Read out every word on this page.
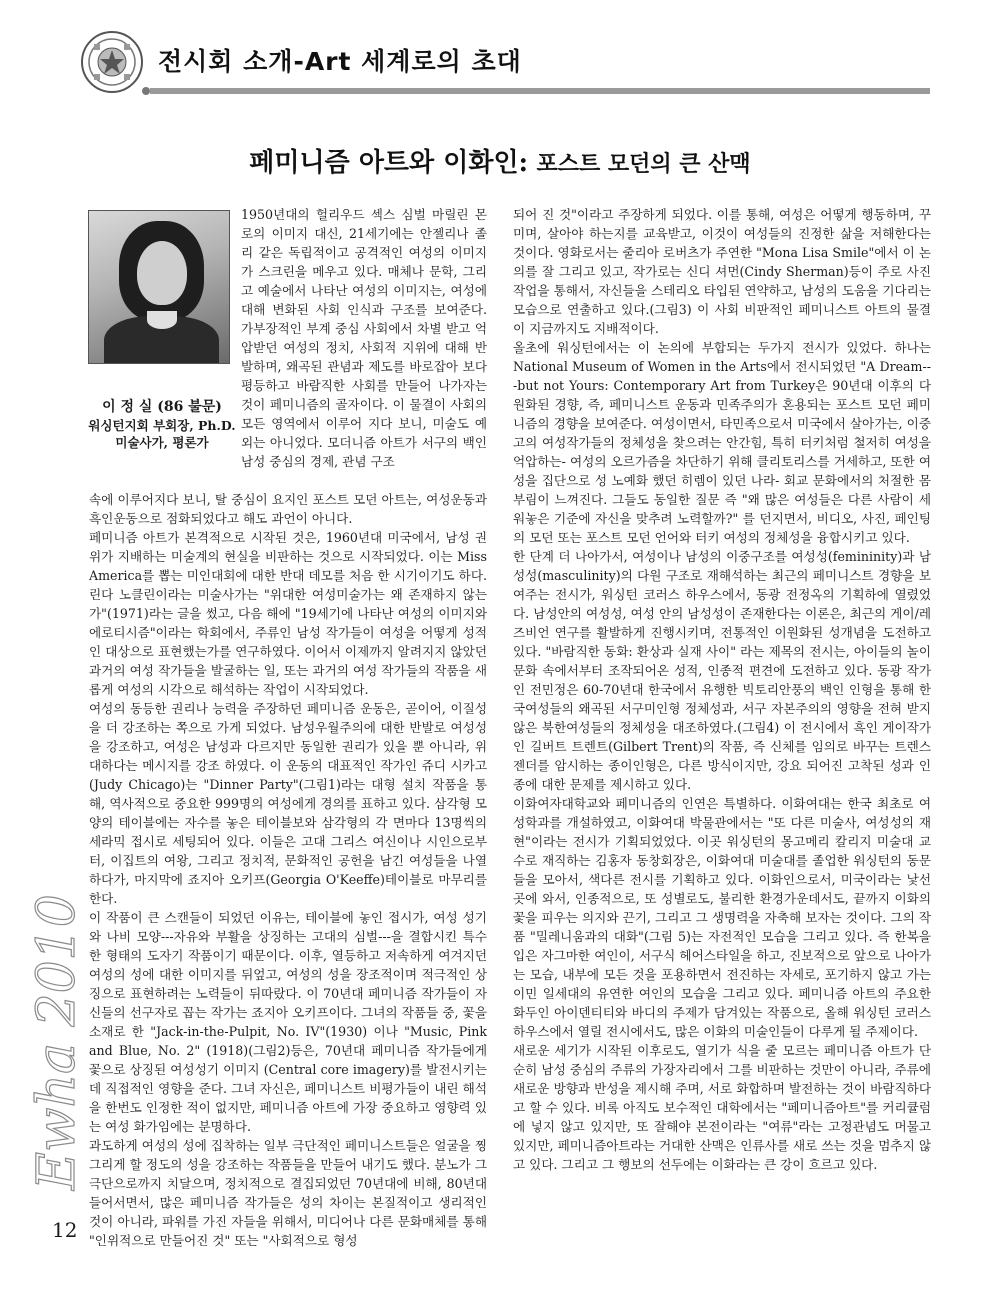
전시회 소개-Art 세계로의 초대
페미니즘 아트와 이화인: 포스트 모던의 큰 산맥
이 정 실 (86 불문)
워싱턴지회 부회장, Ph.D.
미술사가, 평론가

1950년대의 헐리우드 섹스 심벌 마릴린 몬로의 이미지 대신, 21세기에는 안젤리나 졸리 같은 독립적이고 공격적인 여성의 이미지가 스크린을 메우고 있다. 매체나 문학, 그리고 예술에서 나타난 여성의 이미지는, 여성에 대해 변화된 사회 인식과 구조를 보여준다. 가부장적인 부계 중심 사회에서 차별 받고 억압받던 여성의 정치, 사회적 지위에 대해 반발하며, 왜곡된 관념과 제도를 바로잡아 보다 평등하고 바람직한 사회를 만들어 나가자는 것이 페미니즘의 골자이다. 이 물결이 사회의 모든 영역에서 이루어 지다 보니, 미술도 예외는 아니었다. 모더니즘 아트가 서구의 백인 남성 중심의 경제, 관념 구조

속에 이루어지다 보니, 탈 중심이 요지인 포스트 모던 아트는, 여성운동과 흑인운동으로 점화되었다고 해도 과언이 아니다.

페미니즘 아트가 본격적으로 시작된 것은, 1960년대 미국에서, 남성 권위가 지배하는 미술계의 현실을 비판하는 것으로 시작되었다. 이는 Miss America를 뽑는 미인대회에 대한 반대 데모를 처음 한 시기이기도 하다. 린다 노클린이라는 미술사가는 "위대한 여성미술가는 왜 존재하지 않는가"(1971)라는 글을 썼고, 다음 해에 "19세기에 나타난 여성의 이미지와 에로티시즘"이라는 학회에서, 주류인 남성 작가들이 여성을 어떻게 성적인 대상으로 표현했는가를 연구하였다. 이어서 이제까지 알려지지 않았던 과거의 여성 작가들을 발굴하는 일, 또는 과거의 여성 작가들의 작품을 새롭게 여성의 시각으로 해석하는 작업이 시작되었다.

여성의 동등한 권리나 능력을 주장하던 페미니즘 운동은, 곧이어, 이질성을 더 강조하는 쪽으로 가게 되었다. 남성우월주의에 대한 반발로 여성성을 강조하고, 여성은 남성과 다르지만 동일한 권리가 있을 뿐 아니라, 위대하다는 메시지를 강조 하였다. 이 운동의 대표적인 작가인 쥬디 시카고(Judy Chicago)는 "Dinner Party"(그림1)라는 대형 설치 작품을 통해, 역사적으로 중요한 999명의 여성에게 경의를 표하고 있다. 삼각형 모양의 테이블에는 자수를 놓은 테이블보와 삼각형의 각 면마다 13명씩의 세라믹 접시로 세팅되어 있다. 이들은 고대 그리스 여신이나 시인으로부터, 이집트의 여왕, 그리고 정치적, 문화적인 공헌을 남긴 여성들을 나열하다가, 마지막에 죠지아 오키프(Georgia O'Keeffe)테이블로 마무리를 한다.

이 작품이 큰 스캔들이 되었던 이유는, 테이블에 놓인 접시가, 여성 성기와 나비 모양---자유와 부활을 상징하는 고대의 심벌---을 결합시킨 특수한 형태의 도자기 작품이기 때문이다. 이후, 열등하고 저속하게 여겨지던 여성의 성에 대한 이미지를 뒤엎고, 여성의 성을 장조적이며 적극적인 상징으로 표현하려는 노력들이 뒤따랐다. 이 70년대 페미니즘 작가들이 자신들의 선구자로 꼽는 작가는 죠지아 오키프이다. 그녀의 작품들 중, 꽃을 소재로 한 "Jack-in-the-Pulpit, No. IV"(1930) 이나 "Music, Pink and Blue, No. 2" (1918)(그림2)등은, 70년대 페미니즘 작가들에게 꽃으로 상징된 여성성기 이미지 (Central core imagery)를 발전시키는데 직접적인 영향을 준다. 그녀 자신은, 페미니스트 비평가들이 내린 해석을 한번도 인정한 적이 없지만, 페미니즘 아트에 가장 중요하고 영향력 있는 여성 화가임에는 분명하다.

과도하게 여성의 성에 집착하는 일부 극단적인 페미니스트들은 얼굴을 찡그리게 할 정도의 성을 강조하는 작품들을 만들어 내기도 했다. 분노가 그 극단으로까지 치달으며, 정치적으로 결집되었던 70년대에 비해, 80년대 들어서면서, 많은 페미니즘 작가들은 성의 차이는 본질적이고 생리적인 것이 아니라, 파워를 가진 자들을 위해서, 미디어나 다른 문화매체를 통해 "인위적으로 만들어진 것" 또는 "사회적으로 형성

되어 진 것"이라고 주장하게 되었다. 이를 통해, 여성은 어떻게 행동하며, 꾸미며, 살아야 하는지를 교육받고, 이것이 여성들의 진정한 삶을 저해한다는 것이다. 영화로서는 줄리아 로버츠가 주연한 "Mona Lisa Smile"에서 이 논의를 잘 그리고 있고, 작가로는 신디 셔먼(Cindy Sherman)등이 주로 사진작업을 통해서, 자신들을 스테리오 타입된 연약하고, 남성의 도움을 기다리는 모습으로 연출하고 있다.(그림3) 이 사회 비판적인 페미니스트 아트의 물결이 지금까지도 지배적이다.

올초에 워싱턴에서는 이 논의에 부합되는 두가지 전시가 있었다. 하나는 National Museum of Women in the Arts에서 전시되었던 "A Dream---but not Yours: Contemporary Art from Turkey은 90년대 이후의 다원화된 경향, 즉, 페미니스트 운동과 민족주의가 혼용되는 포스트 모던 페미니즘의 경향을 보여준다. 여성이면서, 타민족으로서 미국에서 살아가는, 이중고의 여성작가들의 정체성을 찾으려는 안간힘, 특히 터키처럼 철저히 여성을 억압하는- 여성의 오르가즘을 차단하기 위해 클리토리스를 거세하고, 또한 여성을 집단으로 성 노예화 했던 히렘이 있던 나라- 회교 문화에서의 처절한 몸부림이 느껴진다. 그들도 동일한 질문 즉 "왜 많은 여성들은 다른 사람이 세워놓은 기준에 자신을 맞추려 노력할까?" 를 던지면서, 비디오, 사진, 페인팅의 모던 또는 포스트 모던 언어와 터키 여성의 정체성을 융합시키고 있다.

한 단계 더 나아가서, 여성이나 남성의 이중구조를 여성성(femininity)과 남성성(masculinity)의 다원 구조로 재해석하는 최근의 페미니스트 경향을 보여주는 전시가, 워싱턴 코러스 하우스에서, 동광 전정옥의 기획하에 열렸었다. 남성안의 여성성, 여성 안의 남성성이 존재한다는 이론은, 최근의 게이/레즈비언 연구를 활발하게 진행시키며, 전통적인 이원화된 성개념을 도전하고 있다. "바람직한 동화: 환상과 실재 사이" 라는 제목의 전시는, 아이들의 놀이 문화 속에서부터 조작되어온 성적, 인종적 편견에 도전하고 있다. 동광 작가인 전민정은 60-70년대 한국에서 유행한 빅토리안풍의 백인 인형을 통해 한국여성들의 왜곡된 서구미인형 정체성과, 서구 자본주의의 영향을 전혀 받지 않은 북한여성들의 정체성을 대조하였다.(그림4) 이 전시에서 흑인 게이작가인 길버트 트렌트(Gilbert Trent)의 작품, 즉 신체를 임의로 바꾸는 트렌스 젠더를 암시하는 종이인형은, 다른 방식이지만, 강요 되어진 고착된 성과 인종에 대한 문제를 제시하고 있다.

이화여자대학교와 페미니즘의 인연은 특별하다. 이화여대는 한국 최초로 여성학과를 개설하였고, 이화여대 박물관에서는 "또 다른 미술사, 여성성의 재현"이라는 전시가 기획되었었다. 이곳 워싱턴의 몽고메리 칼리지 미술대 교수로 재직하는 김홍자 동창회장은, 이화여대 미술대를 졸업한 워싱턴의 동문들을 모아서, 색다른 전시를 기획하고 있다. 이화인으로서, 미국이라는 낯선 곳에 와서, 인종적으로, 또 성별로도, 불리한 환경가운데서도, 끝까지 이화의 꽃을 피우는 의지와 끈기, 그리고 그 생명력을 자축해 보자는 것이다. 그의 작품 "밀레니움과의 대화"(그림 5)는 자전적인 모습을 그리고 있다. 즉 한복을 입은 자그마한 여인이, 서구식 헤어스타일을 하고, 진보적으로 앞으로 나아가는 모습, 내부에 모든 것을 포용하면서 전진하는 자세로, 포기하지 않고 가는 이민 일세대의 유연한 여인의 모습을 그리고 있다. 페미니즘 아트의 주요한 화두인 아이덴티티와 바디의 주제가 담겨있는 작품으로, 올해 워싱턴 코러스 하우스에서 열릴 전시에서도, 많은 이화의 미술인들이 다루게 될 주제이다.

새로운 세기가 시작된 이후로도, 열기가 식을 줄 모르는 페미니즘 아트가 단순히 남성 중심의 주류의 가장자리에서 그를 비판하는 것만이 아니라, 주류에 새로운 방향과 반성을 제시해 주며, 서로 화합하며 발전하는 것이 바람직하다고 할 수 있다. 비록 아직도 보수적인 대학에서는 "페미니즘아트"를 커리큘럼에 넣지 않고 있지만, 또 잘해야 본전이라는 "여류"라는 고정관념도 머물고 있지만, 페미니즘아트라는 거대한 산맥은 인류사를 새로 쓰는 것을 멈추지 않고 있다. 그리고 그 행보의 선두에는 이화라는 큰 강이 흐르고 있다.

Ewha 2010
12
